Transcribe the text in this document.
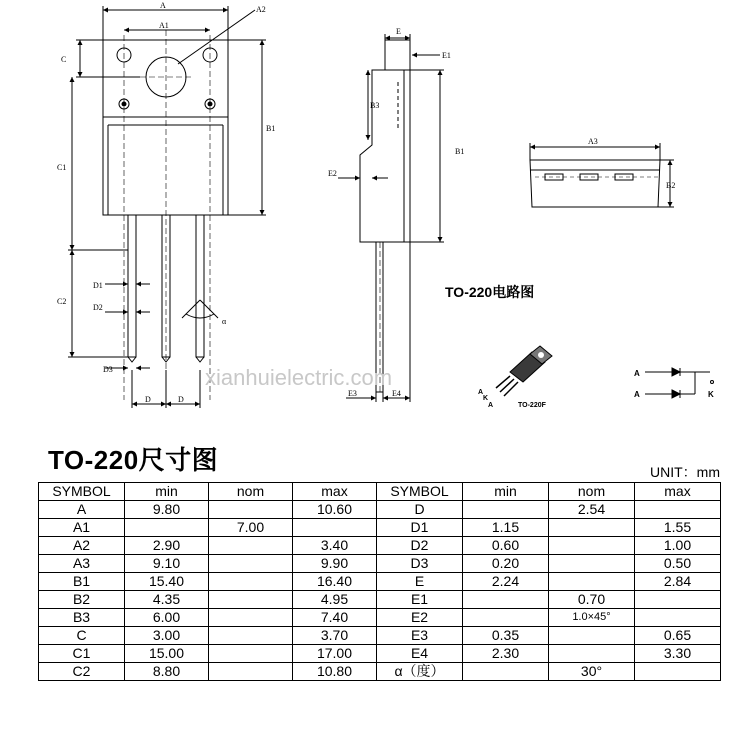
A
A1
A2
C
B1
C1
C2
D1
D2
D3
D	D
α
E
E1
B3
B1
E2
E3	E4
A3
B2
TO-220电路图
A
K
A	TO-220F
A
A	K
xianhuielectric.com
TO-220尺寸图	UNIT：mm
SYMBOL	min	nom	max	SYMBOL	min	nom	max
A	9.80		10.60	D		2.54	
A1		7.00		D1	1.15		1.55
A2	2.90		3.40	D2	0.60		1.00
A3	9.10		9.90	D3	0.20		0.50
B1	15.40		16.40	E	2.24		2.84
B2	4.35		4.95	E1		0.70	
B3	6.00		7.40	E2		1.0×45°	
C	3.00		3.70	E3	0.35		0.65
C1	15.00		17.00	E4	2.30		3.30
C2	8.80		10.80	α（度）		30°	
